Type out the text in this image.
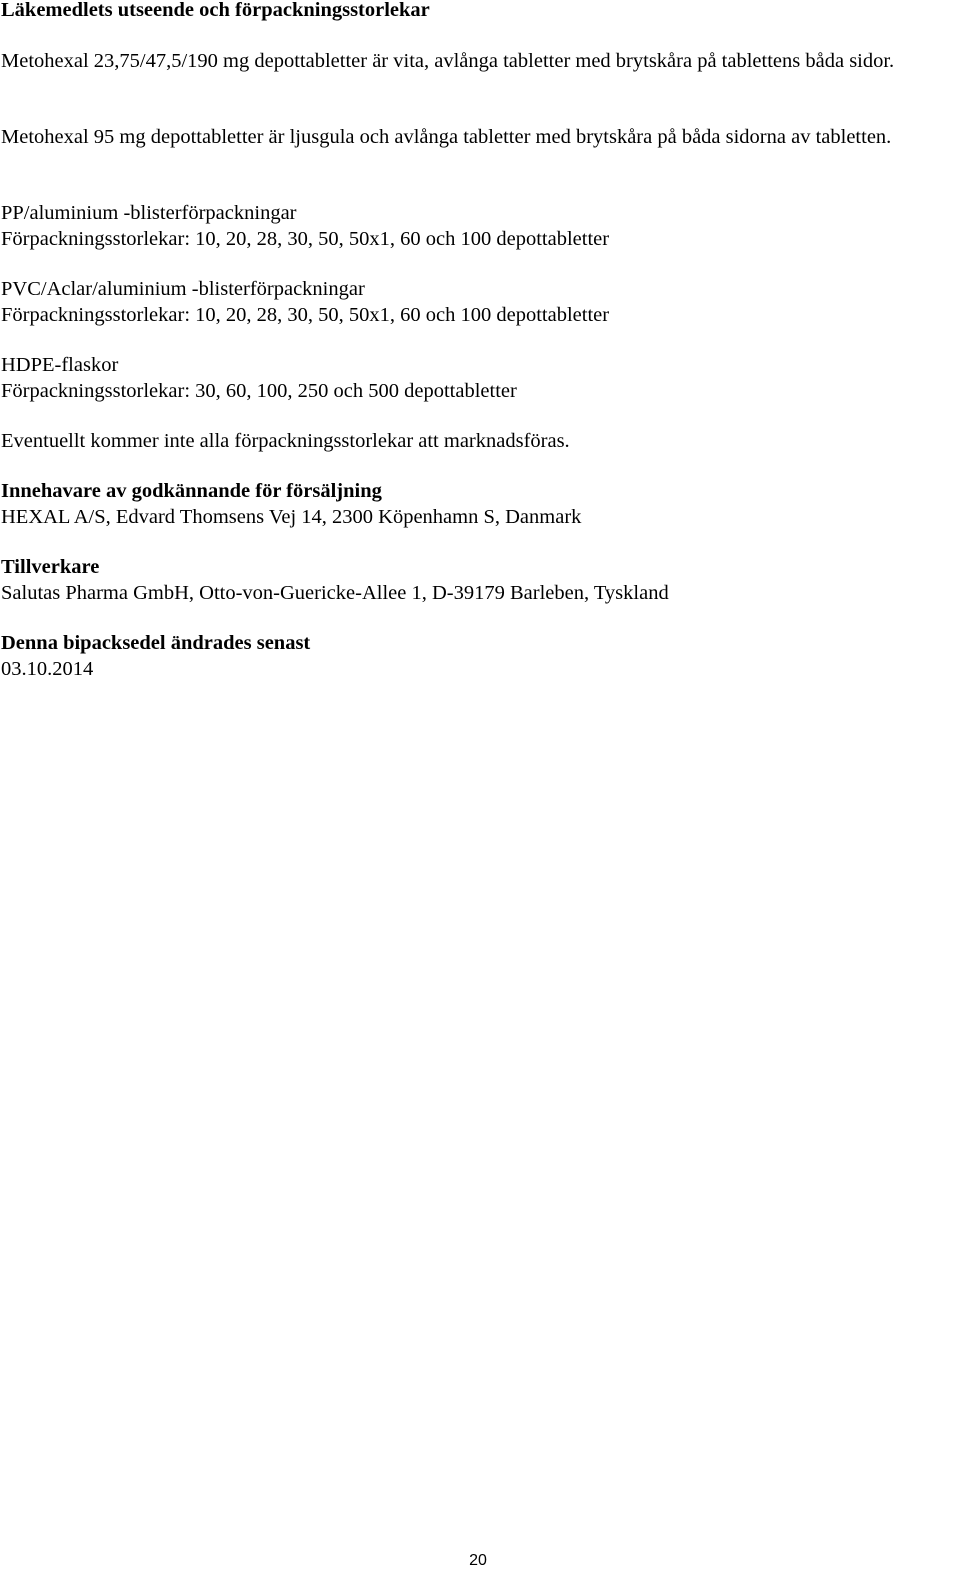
Läkemedlets utseende och förpackningsstorlekar
Metohexal 23,75/47,5/190 mg depottabletter är vita, avlånga tabletter med brytskåra på tablettens båda sidor.
Metohexal 95 mg depottabletter är ljusgula och avlånga tabletter med brytskåra på båda sidorna av tabletten.
PP/aluminium -blisterförpackningar
Förpackningsstorlekar: 10, 20, 28, 30, 50, 50x1, 60 och 100 depottabletter
PVC/Aclar/aluminium -blisterförpackningar
Förpackningsstorlekar: 10, 20, 28, 30, 50, 50x1, 60 och 100 depottabletter
HDPE-flaskor
Förpackningsstorlekar: 30, 60, 100, 250 och 500 depottabletter
Eventuellt kommer inte alla förpackningsstorlekar att marknadsföras.
Innehavare av godkännande för försäljning
HEXAL A/S, Edvard Thomsens Vej 14, 2300 Köpenhamn S, Danmark
Tillverkare
Salutas Pharma GmbH, Otto-von-Guericke-Allee 1, D-39179 Barleben, Tyskland
Denna bipacksedel ändrades senast
03.10.2014
20
